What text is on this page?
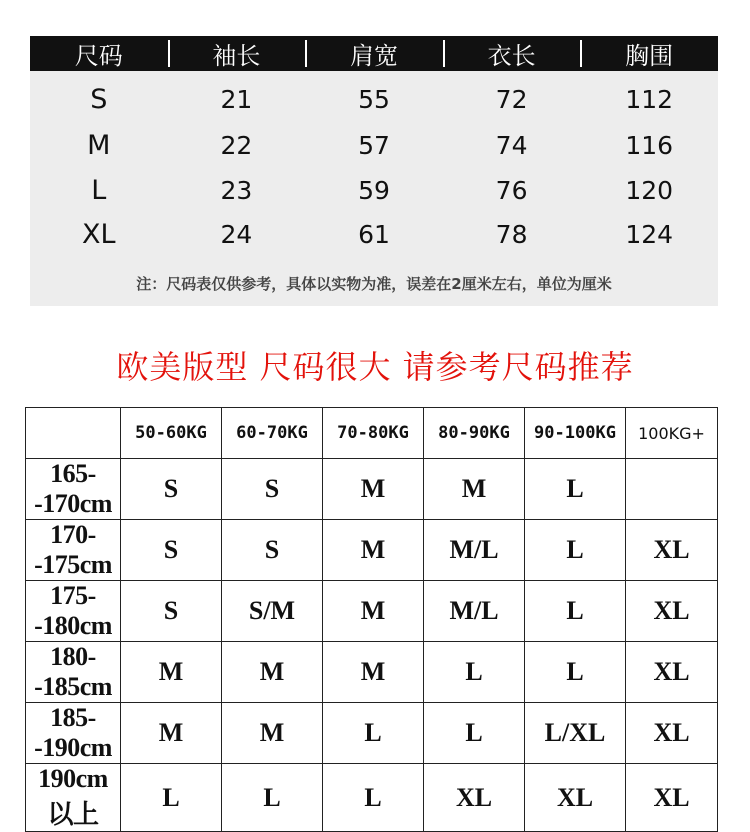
尺码	袖长	肩宽	衣长	胸围
S	21	55	72	112
M	22	57	74	116
L	23	59	76	120
XL	24	61	78	124
注：尺码表仅供参考，具体以实物为准，误差在2厘米左右，单位为厘米
欧美版型 尺码很大 请参考尺码推荐
	50-60KG	60-70KG	70-80KG	80-90KG	90-100KG	100KG+
165--170cm	S	S	M	M	L	
170--175cm	S	S	M	M/L	L	XL
175--180cm	S	S/M	M	M/L	L	XL
180--185cm	M	M	M	L	L	XL
185--190cm	M	M	L	L	L/XL	XL
190cm以上	L	L	L	XL	XL	XL
